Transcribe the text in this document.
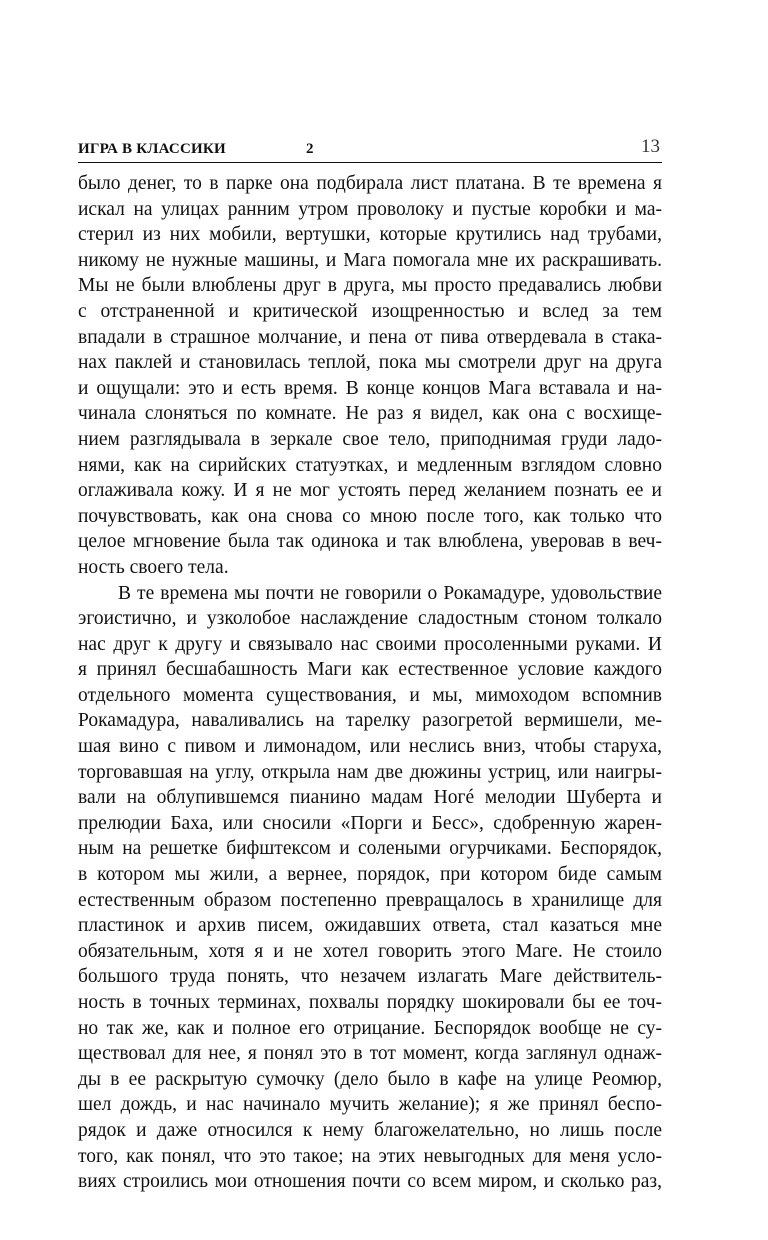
ИГРА В КЛАССИКИ	2	13
было денег, то в парке она подбирала лист платана. В те времена я
искал на улицах ранним утром проволоку и пустые коробки и ма-
стерил из них мобили, вертушки, которые крутились над трубами,
никому не нужные машины, и Мага помогала мне их раскрашивать.
Мы не были влюблены друг в друга, мы просто предавались любви
с отстраненной и критической изощренностью и вслед за тем
впадали в страшное молчание, и пена от пива отвердевала в стака-
нах паклей и становилась теплой, пока мы смотрели друг на друга
и ощущали: это и есть время. В конце концов Мага вставала и на-
чинала слоняться по комнате. Не раз я видел, как она с восхище-
нием разглядывала в зеркале свое тело, приподнимая груди ладо-
нями, как на сирийских статуэтках, и медленным взглядом словно
оглаживала кожу. И я не мог устоять перед желанием познать ее и
почувствовать, как она снова со мною после того, как только что
целое мгновение была так одинока и так влюблена, уверовав в веч-
ность своего тела.
В те времена мы почти не говорили о Рокамадуре, удовольствие
эгоистично, и узколобое наслаждение сладостным стоном толкало
нас друг к другу и связывало нас своими просоленными руками. И
я принял бесшабашность Маги как естественное условие каждого
отдельного момента существования, и мы, мимоходом вспомнив
Рокамадура, наваливались на тарелку разогретой вермишели, ме-
шая вино с пивом и лимонадом, или неслись вниз, чтобы старуха,
торговавшая на углу, открыла нам две дюжины устриц, или наигры-
вали на облупившемся пианино мадам Ногé мелодии Шуберта и
прелюдии Баха, или сносили «Порги и Бесс», сдобренную жарен-
ным на решетке бифштексом и солеными огурчиками. Беспорядок,
в котором мы жили, а вернее, порядок, при котором биде самым
естественным образом постепенно превращалось в хранилище для
пластинок и архив писем, ожидавших ответа, стал казаться мне
обязательным, хотя я и не хотел говорить этого Маге. Не стоило
большого труда понять, что незачем излагать Маге действитель-
ность в точных терминах, похвалы порядку шокировали бы ее точ-
но так же, как и полное его отрицание. Беспорядок вообще не су-
ществовал для нее, я понял это в тот момент, когда заглянул однаж-
ды в ее раскрытую сумочку (дело было в кафе на улице Реомюр,
шел дождь, и нас начинало мучить желание); я же принял беспо-
рядок и даже относился к нему благожелательно, но лишь после
того, как понял, что это такое; на этих невыгодных для меня усло-
виях строились мои отношения почти со всем миром, и сколько раз,
